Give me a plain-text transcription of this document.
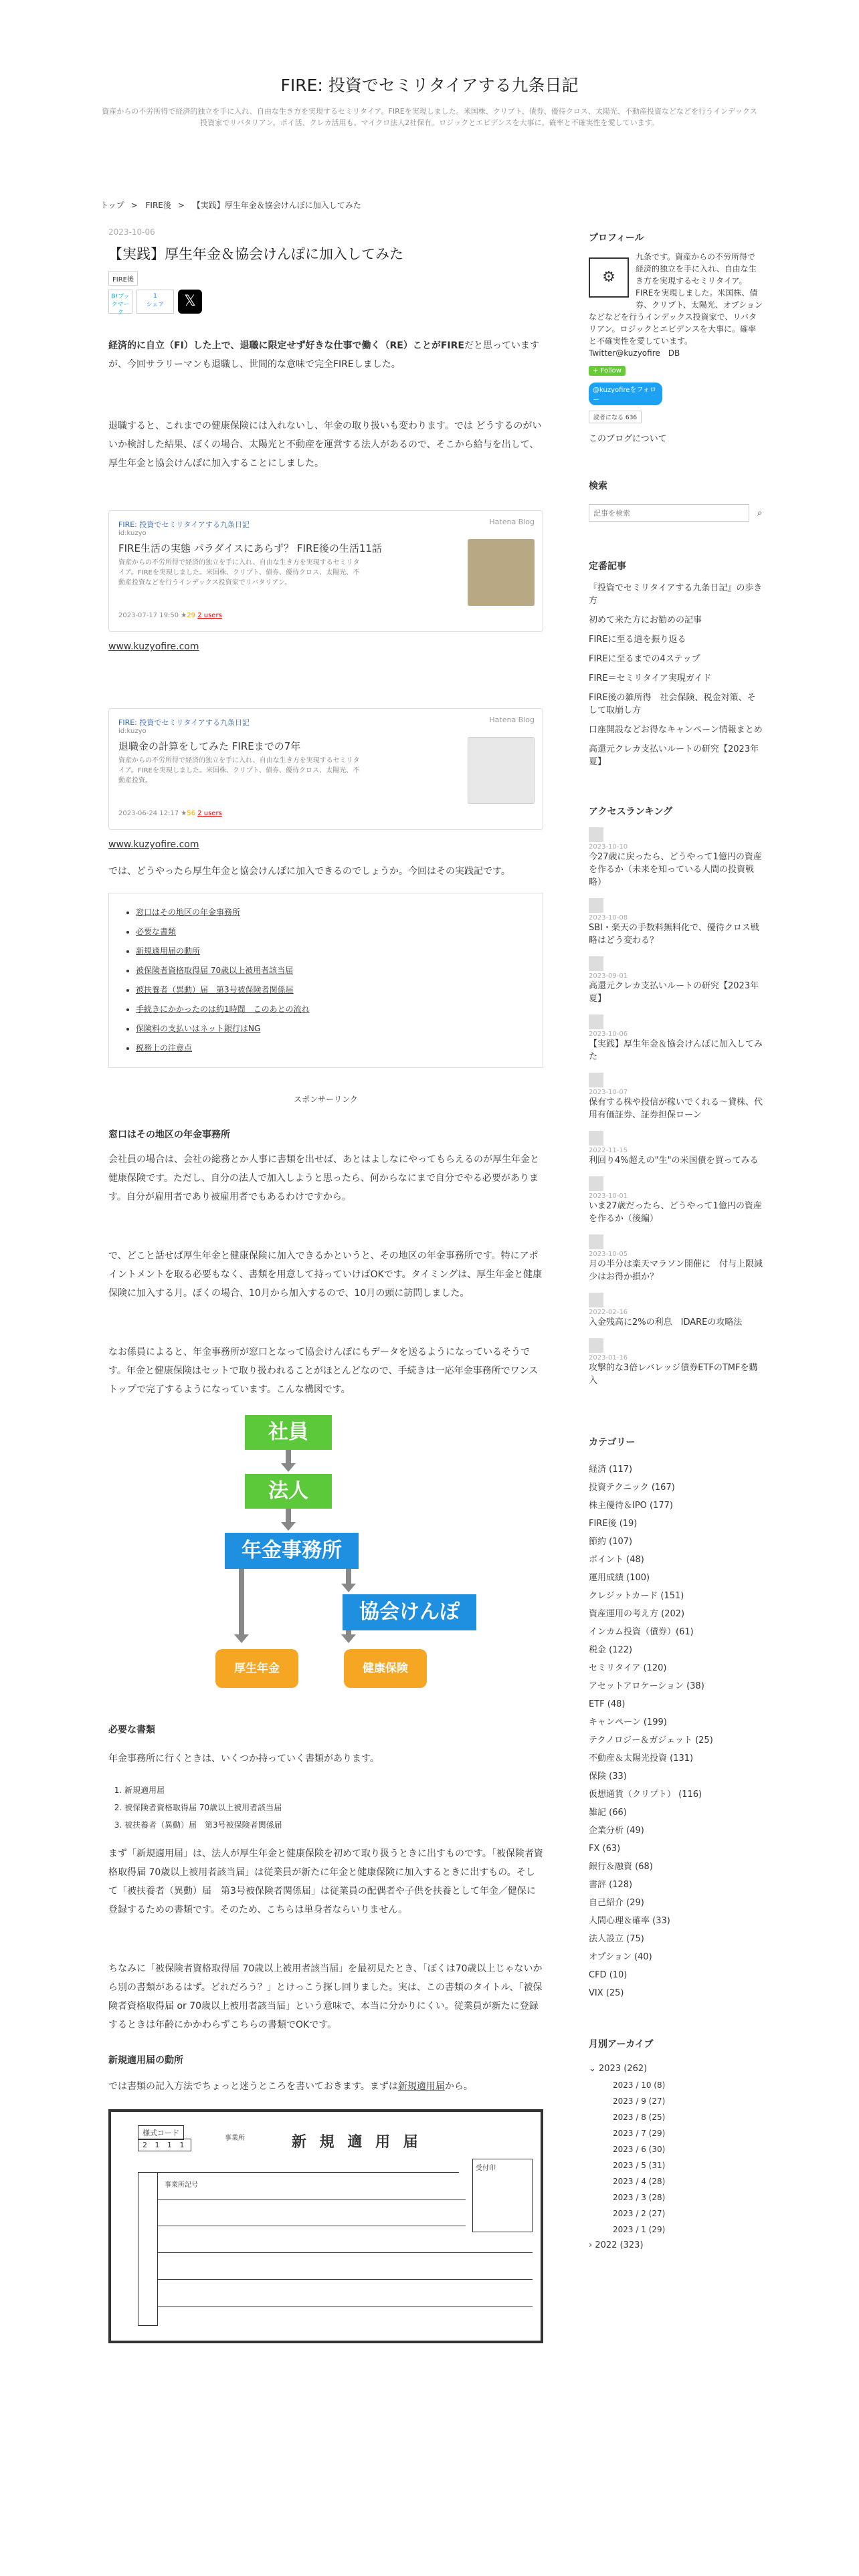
FIRE: 投資でセミリタイアする九条日記
資産からの不労所得で経済的独立を手に入れ、自由な生き方を実現するセミリタイア。FIREを実現しました。米国株、クリプト、債券、優待クロス、太陽光、不動産投資などなどを行うインデックス投資家でリバタリアン。ポイ活、クレカ活用も。マイクロ法人2社保有。ロジックとエビデンスを大事に。確率と不確実性を愛しています。
トップ > FIRE後 > 【実践】厚生年金＆協会けんぽに加入してみた
2023-10-06
【実践】厚生年金＆協会けんぽに加入してみた
FIRE後
B!ブックマーク
1
シェア	𝕏
経済的に自立（FI）した上で、退職に限定せず好きな仕事で働く（RE）ことがFIREだと思っていますが、今回サラリーマンも退職し、世間的な意味で完全FIREしました。
退職すると、これまでの健康保険には入れないし、年金の取り扱いも変わります。では どうするのがいいか検討した結果、ぼくの場合、太陽光と不動産を運営する法人があるので、そこから給与を出して、厚生年金と協会けんぽに加入することにしました。
FIRE: 投資でセミリタイアする九条日記
id:kuzyo
FIRE生活の実態 パラダイスにあらず？ FIRE後の生活11話
資産からの不労所得で経済的独立を手に入れ、自由な生き方を実現するセミリタイア。FIREを実現しました。米国株、クリプト、債券、優待クロス、太陽光、不動産投資などを行うインデックス投資家でリバタリアン。
2023-07-17 19:50 ★29 2 users
Hatena Blog
www.kuzyofire.com
FIRE: 投資でセミリタイアする九条日記
id:kuzyo
退職金の計算をしてみた FIREまでの7年
資産からの不労所得で経済的独立を手に入れ、自由な生き方を実現するセミリタイア。FIREを実現しました。米国株、クリプト、債券、優待クロス、太陽光、不動産投資。
2023-06-24 12:17 ★56 2 users
Hatena Blog
www.kuzyofire.com
では、どうやったら厚生年金と協会けんぽに加入できるのでしょうか。今回はその実践記です。
• 窓口はその地区の年金事務所
• 必要な書類
• 新規適用届の動所
• 被保険者資格取得届 70歳以上被用者該当届
• 被扶養者（異動）届　第3号被保険者関係届
• 手続きにかかったのは約1時間　このあとの流れ
• 保険料の支払いはネット銀行はNG
• 税務上の注意点
スポンサーリンク
窓口はその地区の年金事務所
会社員の場合は、会社の総務とか人事に書類を出せば、あとはよしなにやってもらえるのが厚生年金と健康保険です。ただし、自分の法人で加入しようと思ったら、何からなにまで自分でやる必要があります。自分が雇用者であり被雇用者でもあるわけですから。
で、どこと話せば厚生年金と健康保険に加入できるかというと、その地区の年金事務所です。特にアポイントメントを取る必要もなく、書類を用意して持っていけばOKです。タイミングは、厚生年金と健康保険に加入する月。ぼくの場合、10月から加入するので、10月の頭に訪問しました。
なお係員によると、年金事務所が窓口となって協会けんぽにもデータを送るようになっているそうです。年金と健康保険はセットで取り扱われることがほとんどなので、手続きは一応年金事務所でワンストップで完了するようになっています。こんな構図です。
社員
法人
年金事務所
協会けんぽ
厚生年金	健康保険
必要な書類
年金事務所に行くときは、いくつか持っていく書類があります。
1. 新規適用届
2. 被保険者資格取得届 70歳以上被用者該当届
3. 被扶養者（異動）届　第3号被保険者関係届
まず「新規適用届」は、法人が厚生年金と健康保険を初めて取り扱うときに出すものです。「被保険者資格取得届 70歳以上被用者該当届」は従業員が新たに年金と健康保険に加入するときに出すもの。そして「被扶養者（異動）届　第3号被保険者関係届」は従業員の配偶者や子供を扶養として年金／健保に登録するための書類です。そのため、こちらは単身者ならいりません。
ちなみに「被保険者資格取得届 70歳以上被用者該当届」を最初見たとき、「ぼくは70歳以上じゃないから別の書類があるはず。どれだろう？」とけっこう探し回りました。実は、この書類のタイトル、「被保険者資格取得届 or 70歳以上被用者該当届」という意味で、本当に分かりにくい。従業員が新たに登録するときは年齢にかかわらずこちらの書類でOKです。
新規適用届の動所
では書類の記入方法でちょっと迷うところを書いておきます。まずは新規適用届から。
様式コード
2 1 1 1	新 規 適 用 届
事業所
受付印
事業所記号
プロフィール
⚙
九条です。資産からの不労所得で経済的独立を手に入れ、自由な生き方を実現するセミリタイア。FIREを実現しました。米国株、債券、クリプト、太陽光、オプションなどなどを行うインデックス投資家で、リバタリアン。ロジックとエビデンスを大事に。確率と不確実性を愛しています。Twitter@kuzyofire　DB
+ Follow
@kuzyofireをフォロー
読者になる 636
このブログについて
検索
記事を検索
⌕
定番記事
『投資でセミリタイアする九条日記』の歩き方
初めて来た方にお勧めの記事
FIREに至る道を振り返る
FIREに至るまでの4ステップ
FIRE＝セミリタイア実現ガイド
FIRE後の雑所得　社会保険、税金対策、そして取崩し方
口座開設などお得なキャンペーン情報まとめ
高還元クレカ支払いルートの研究【2023年夏】
アクセスランキング
2023-10-10
今27歳に戻ったら、どうやって1億円の資産を作るか（未来を知っている人間の投資戦略）
2023-10-08
SBI・楽天の手数料無料化で、優待クロス戦略はどう変わる？
2023-09-01
高還元クレカ支払いルートの研究【2023年夏】
2023-10-06
【実践】厚生年金＆協会けんぽに加入してみた
2023-10-07
保有する株や投信が稼いでくれる〜貸株、代用有価証券、証券担保ローン
2022-11-15
利回り4%超えの"生"の米国債を買ってみる
2023-10-01
いま27歳だったら、どうやって1億円の資産を作るか（後編）
2023-10-05
月の半分は楽天マラソン開催に　付与上限減少はお得か損か？
2022-02-16
入金残高に2%の利息　IDAREの攻略法
2023-01-16
攻撃的な3倍レバレッジ債券ETFのTMFを購入
カテゴリー
経済 (117)
投資テクニック (167)
株主優待＆IPO (177)
FIRE後 (19)
節約 (107)
ポイント (48)
運用成績 (100)
クレジットカード (151)
資産運用の考え方 (202)
インカム投資（債券）(61)
税金 (122)
セミリタイア (120)
アセットアロケーション (38)
ETF (48)
キャンペーン (199)
テクノロジー＆ガジェット (25)
不動産＆太陽光投資 (131)
保険 (33)
仮想通貨（クリプト） (116)
雑記 (66)
企業分析 (49)
FX (63)
銀行＆融資 (68)
書評 (128)
自己紹介 (29)
人間心理＆確率 (33)
法人設立 (75)
オプション (40)
CFD (10)
VIX (25)
月別アーカイブ
⌄ 2023 (262)
2023 / 10 (8)
2023 / 9 (27)
2023 / 8 (25)
2023 / 7 (29)
2023 / 6 (30)
2023 / 5 (31)
2023 / 4 (28)
2023 / 3 (28)
2023 / 2 (27)
2023 / 1 (29)
› 2022 (323)
